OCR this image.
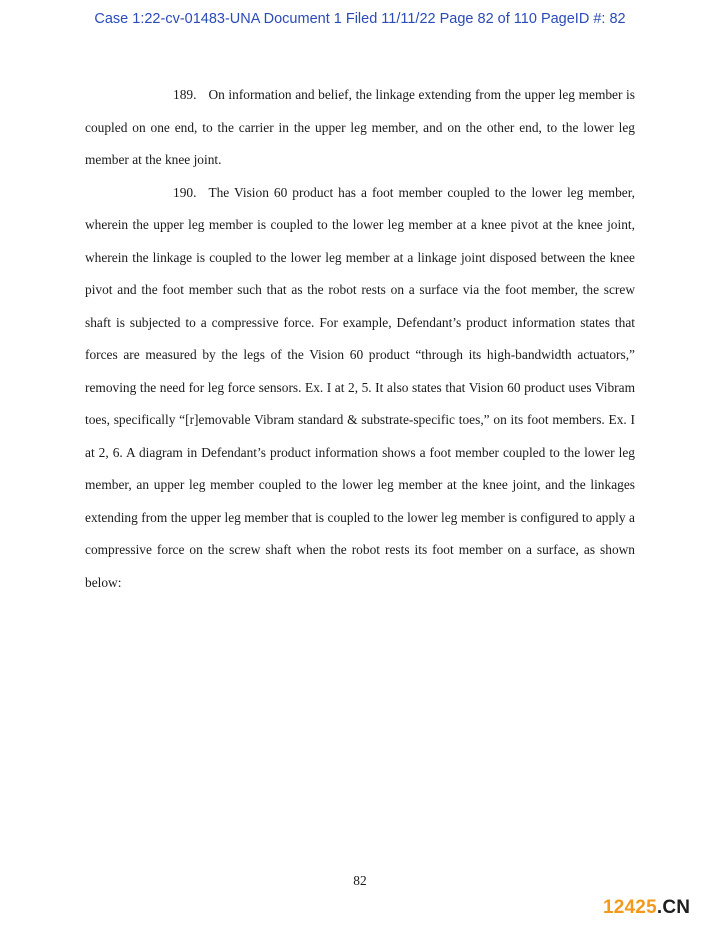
Case 1:22-cv-01483-UNA Document 1 Filed 11/11/22 Page 82 of 110 PageID #: 82

189. On information and belief, the linkage extending from the upper leg member is coupled on one end, to the carrier in the upper leg member, and on the other end, to the lower leg member at the knee joint.

190. The Vision 60 product has a foot member coupled to the lower leg member, wherein the upper leg member is coupled to the lower leg member at a knee pivot at the knee joint, wherein the linkage is coupled to the lower leg member at a linkage joint disposed between the knee pivot and the foot member such that as the robot rests on a surface via the foot member, the screw shaft is subjected to a compressive force. For example, Defendant’s product information states that forces are measured by the legs of the Vision 60 product “through its high-bandwidth actuators,” removing the need for leg force sensors. Ex. I at 2, 5. It also states that Vision 60 product uses Vibram toes, specifically “[r]emovable Vibram standard & substrate-specific toes,” on its foot members. Ex. I at 2, 6. A diagram in Defendant’s product information shows a foot member coupled to the lower leg member, an upper leg member coupled to the lower leg member at the knee joint, and the linkages extending from the upper leg member that is coupled to the lower leg member is configured to apply a compressive force on the screw shaft when the robot rests its foot member on a surface, as shown below:

82
12425.CN
